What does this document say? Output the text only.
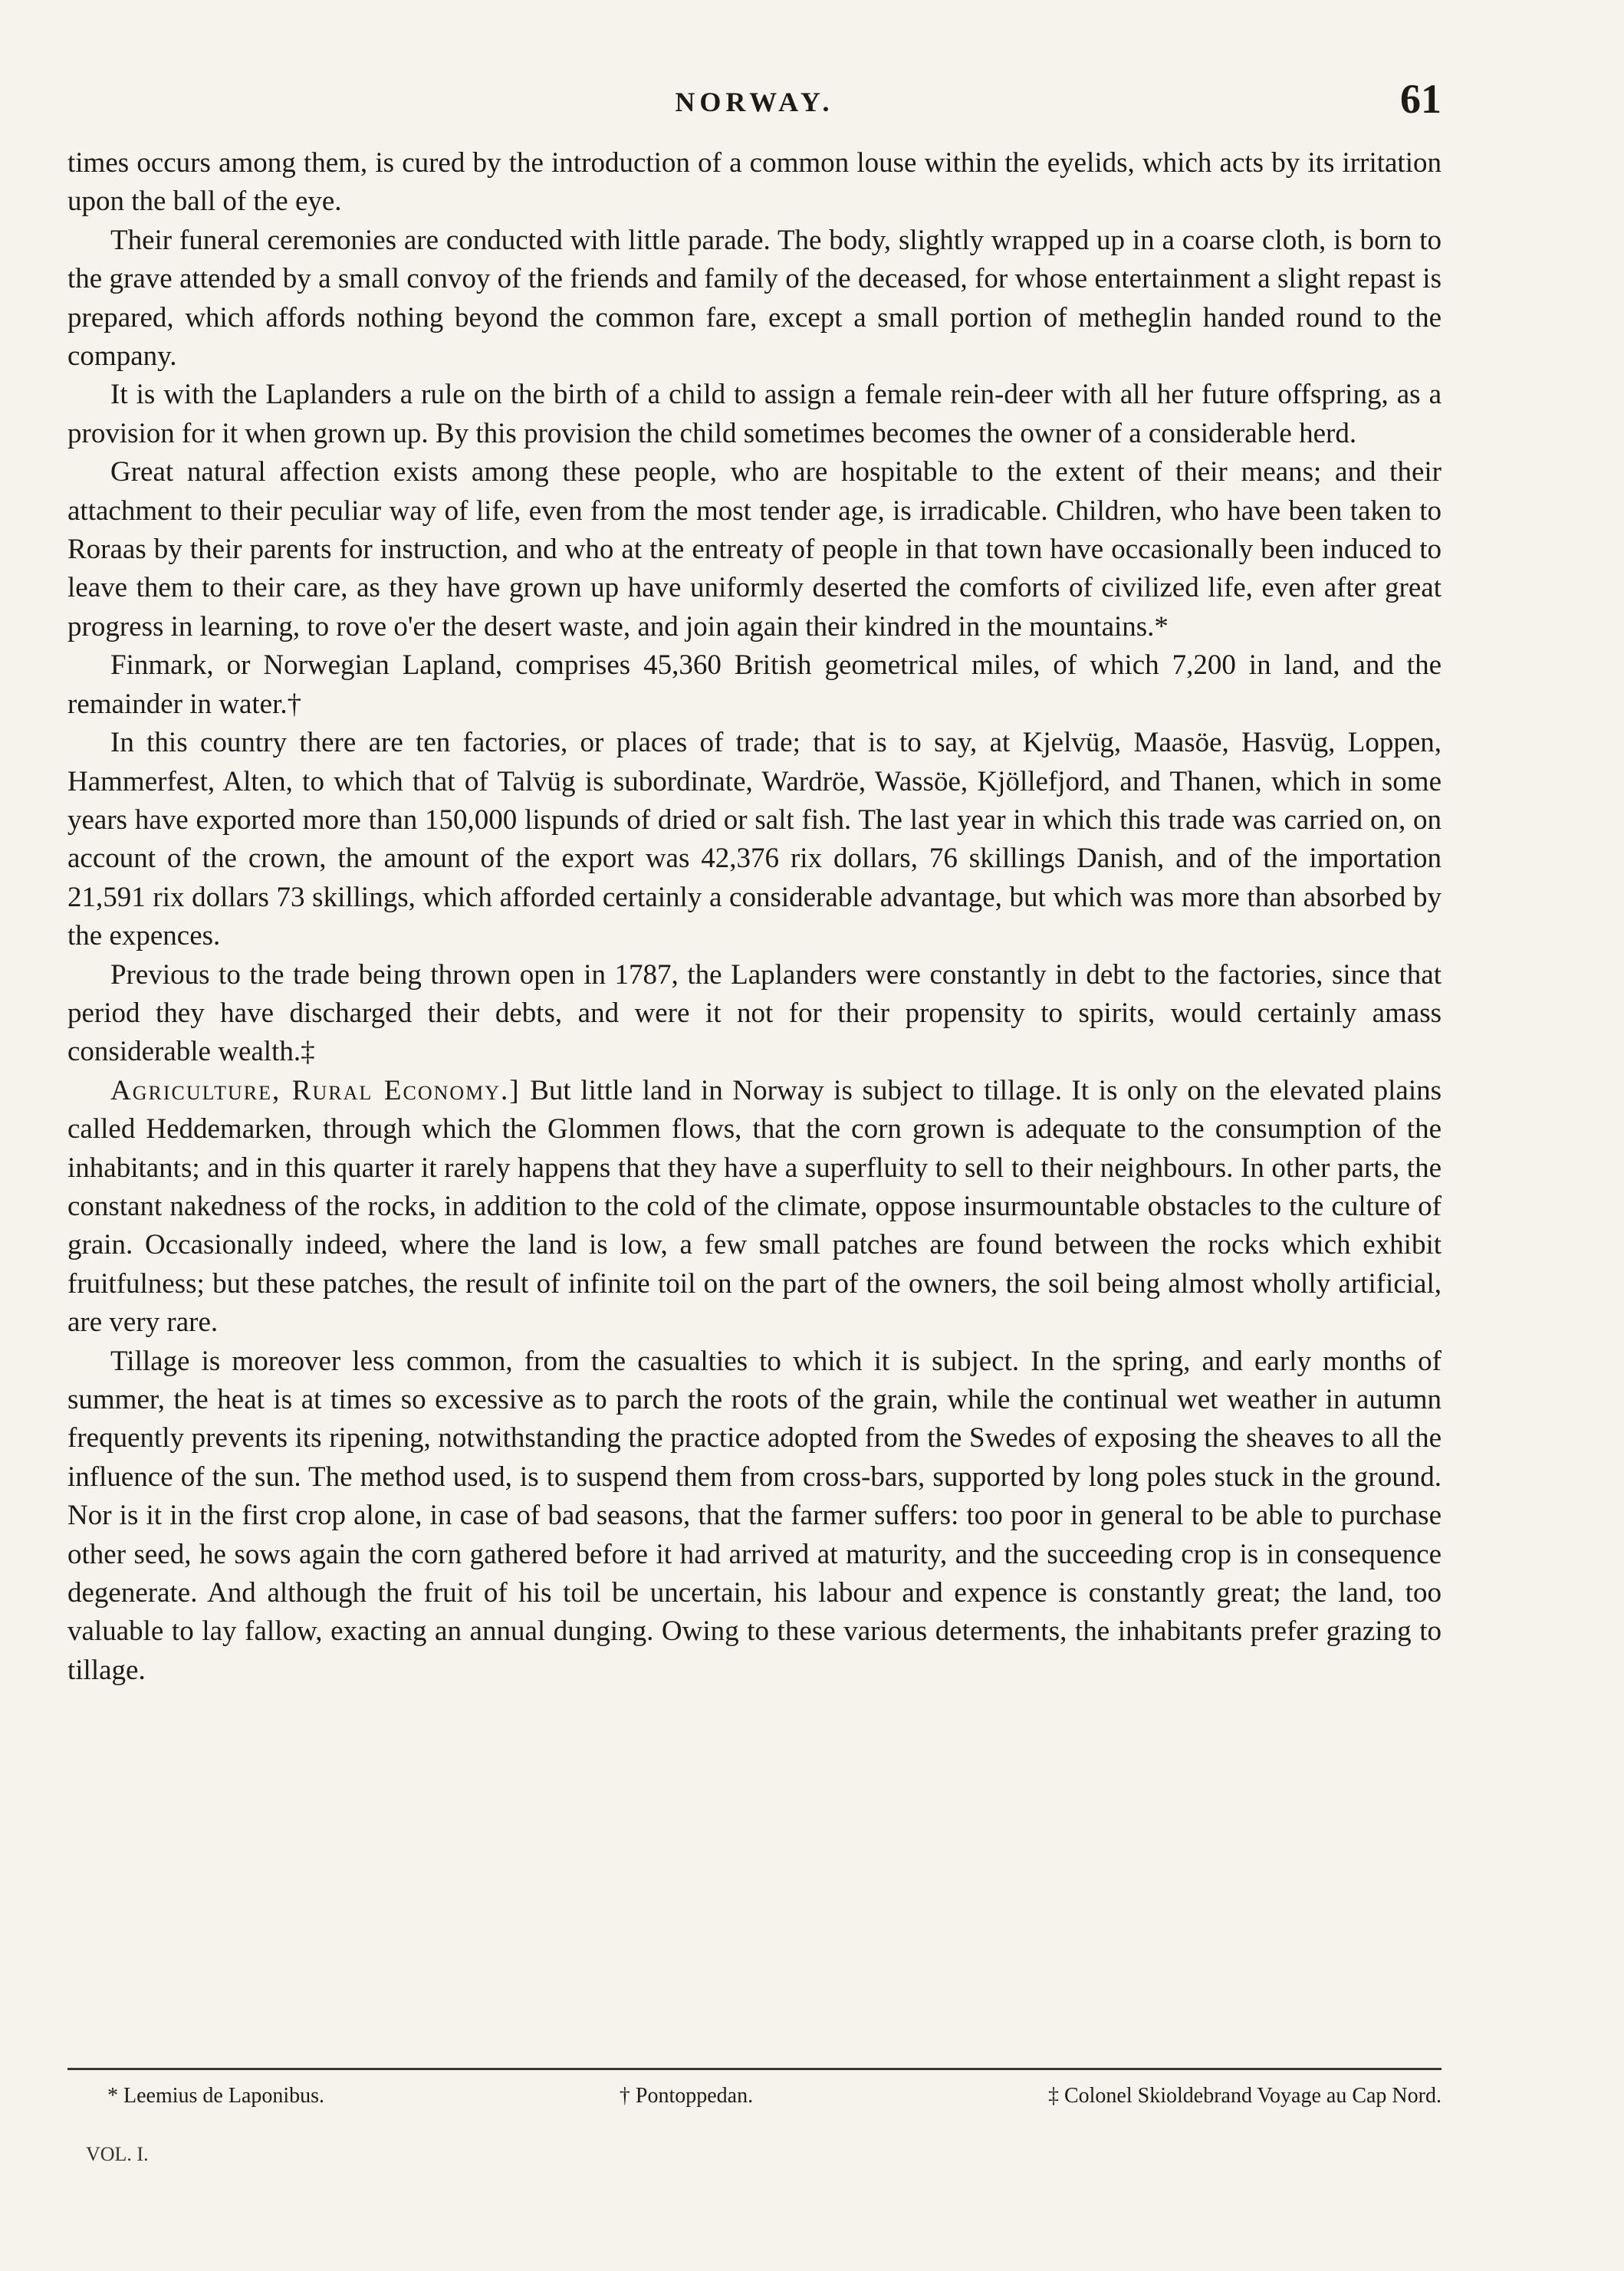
NORWAY.	61

times occurs among them, is cured by the introduction of a common louse within the eyelids, which acts by its irritation upon the ball of the eye.

Their funeral ceremonies are conducted with little parade. The body, slightly wrapped up in a coarse cloth, is born to the grave attended by a small convoy of the friends and family of the deceased, for whose entertainment a slight repast is prepared, which affords nothing beyond the common fare, except a small portion of metheglin handed round to the company.

It is with the Laplanders a rule on the birth of a child to assign a female rein-deer with all her future offspring, as a provision for it when grown up. By this provision the child sometimes becomes the owner of a considerable herd.

Great natural affection exists among these people, who are hospitable to the extent of their means; and their attachment to their peculiar way of life, even from the most tender age, is irradicable. Children, who have been taken to Roraas by their parents for instruction, and who at the entreaty of people in that town have occasionally been induced to leave them to their care, as they have grown up have uniformly deserted the comforts of civilized life, even after great progress in learning, to rove o'er the desert waste, and join again their kindred in the mountains.*

Finmark, or Norwegian Lapland, comprises 45,360 British geometrical miles, of which 7,200 in land, and the remainder in water.†

In this country there are ten factories, or places of trade; that is to say, at Kjelvüg, Maasöe, Hasvüg, Loppen, Hammerfest, Alten, to which that of Talvüg is subordinate, Wardröe, Wassöe, Kjöllefjord, and Thanen, which in some years have exported more than 150,000 lispunds of dried or salt fish. The last year in which this trade was carried on, on account of the crown, the amount of the export was 42,376 rix dollars, 76 skillings Danish, and of the importation 21,591 rix dollars 73 skillings, which afforded certainly a considerable advantage, but which was more than absorbed by the expences.

Previous to the trade being thrown open in 1787, the Laplanders were constantly in debt to the factories, since that period they have discharged their debts, and were it not for their propensity to spirits, would certainly amass considerable wealth.‡

Agriculture, Rural Economy.] But little land in Norway is subject to tillage. It is only on the elevated plains called Heddemarken, through which the Glommen flows, that the corn grown is adequate to the consumption of the inhabitants; and in this quarter it rarely happens that they have a superfluity to sell to their neighbours. In other parts, the constant nakedness of the rocks, in addition to the cold of the climate, oppose insurmountable obstacles to the culture of grain. Occasionally indeed, where the land is low, a few small patches are found between the rocks which exhibit fruitfulness; but these patches, the result of infinite toil on the part of the owners, the soil being almost wholly artificial, are very rare.

Tillage is moreover less common, from the casualties to which it is subject. In the spring, and early months of summer, the heat is at times so excessive as to parch the roots of the grain, while the continual wet weather in autumn frequently prevents its ripening, notwithstanding the practice adopted from the Swedes of exposing the sheaves to all the influence of the sun. The method used, is to suspend them from cross-bars, supported by long poles stuck in the ground. Nor is it in the first crop alone, in case of bad seasons, that the farmer suffers: too poor in general to be able to purchase other seed, he sows again the corn gathered before it had arrived at maturity, and the succeeding crop is in consequence degenerate. And although the fruit of his toil be uncertain, his labour and expence is constantly great; the land, too valuable to lay fallow, exacting an annual dunging. Owing to these various determents, the inhabitants prefer grazing to tillage.

* Leemius de Laponibus.	† Pontoppedan.	‡ Colonel Skioldebrand Voyage au Cap Nord.
VOL. I.
